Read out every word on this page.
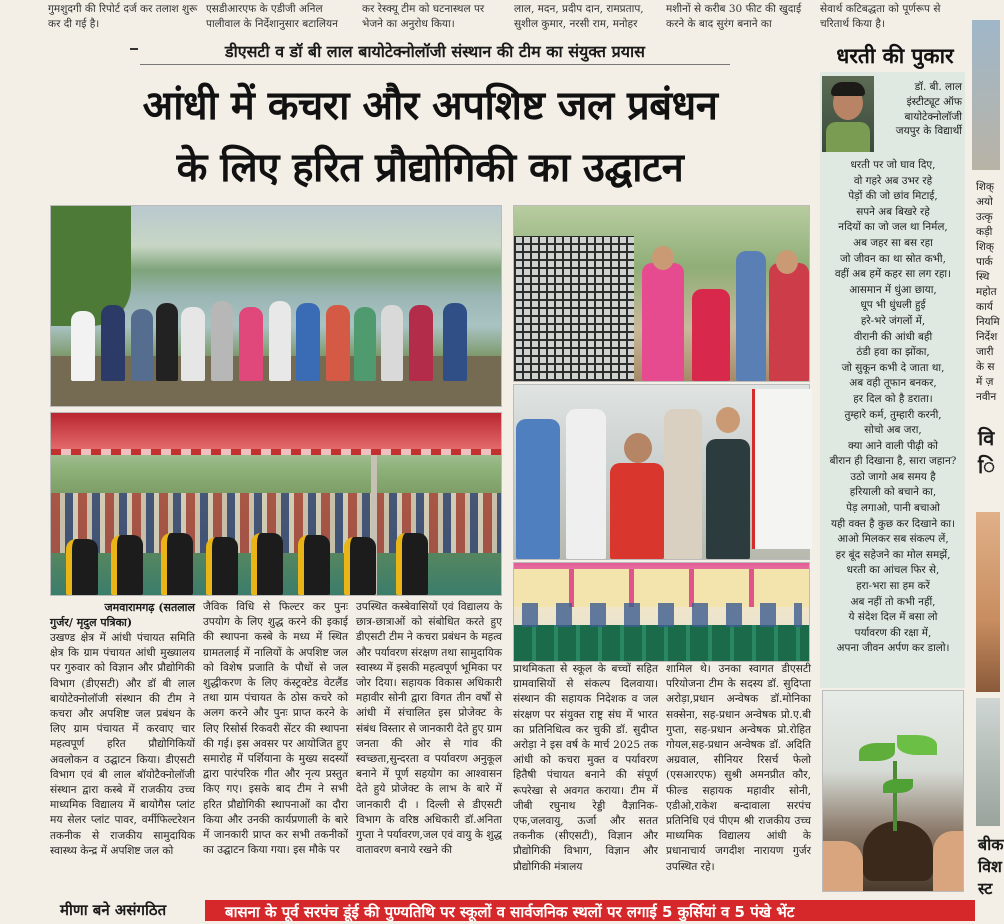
गुमशुदगी की रिपोर्ट दर्ज कर तलाश शुरू कर दी गई है।
एसडीआरएफ के एडीजी अनिल पालीवाल के निर्देशानुसार बटालियन
कर रेस्क्यू टीम को घटनास्थल पर भेजने का अनुरोध किया।
लाल, मदन, प्रदीप दान, रामप्रताप, सुशील कुमार, नरसी राम, मनोहर
मशीनों से करीब 30 फीट की खुदाई करने के बाद सुरंग बनाने का
सेवार्थ कटिबद्धता को पूर्णरूप से चरितार्थ किया है।
डीएसटी व डॉ बी लाल बायोटेक्नोलॉजी संस्थान की टीम का संयुक्त प्रयास
आंधी में कचरा और अपशिष्ट जल प्रबंधन
के लिए हरित प्रौद्योगिकी का उद्घाटन
जमवारामगढ़ (सतलाल
गुर्जर/ मृदुल पत्रिका)
उखण्ड क्षेत्र में आंधी पंचायत समिति क्षेत्र कि ग्राम पंचायत आंधी मुख्यालय पर गुरुवार को विज्ञान और प्रौद्योगिकी विभाग (डीएसटी) और डॉ बी लाल बायोटेक्नोलॉजी संस्थान की टीम ने कचरा और अपशिष्ट जल प्रबंधन के लिए ग्राम पंचायत में करवाए चार महत्वपूर्ण हरित प्रौद्योगिकियों अवलोकन व उद्घाटन किया। डीएसटी विभाग एवं बी लाल बॉयोटैक्नोलॉजी संस्थान द्वारा कस्बे में राजकीय उच्च माध्यमिक विद्यालय में बायोगैस प्लांट मय सेलर प्लांट पावर, वर्मीफिल्टरेशन तकनीक से राजकीय सामुदायिक स्वास्थ्य केन्द्र में अपशिष्ट जल को
जैविक विधि से फिल्टर कर पुनः उपयोग के लिए शुद्ध करने की इकाई की स्थापना कस्बे के मध्य में स्थित ग्रामतलाई में नालियों के अपशिष्ट जल को विशेष प्रजाति के पौधों से जल शुद्धीकरण के लिए कंस्ट्रक्टेड वेटलैंड तथा ग्राम पंचायत के ठोस कचरे को अलग करने और पुनः प्राप्त करने के लिए रिसोर्स रिकवरी सेंटर की स्थापना की गई। इस अवसर पर आयोजित हुए समारोह में पर्शियाना के मुख्य सदस्यों द्वारा पारंपरिक गीत और नृत्य प्रस्तुत किए गए। इसके बाद टीम ने सभी हरित प्रौद्योगिकी स्थापनाओं का दौरा किया और उनकी कार्यप्रणाली के बारे में जानकारी प्राप्त कर सभी तकनीकों का उद्घाटन किया गया। इस मौके पर
उपस्थित कस्बेवासियों एवं विद्यालय के छात्र-छात्राओं को संबोधित करते हुए डीएसटी टीम ने कचरा प्रबंधन के महत्व और पर्यावरण संरक्षण तथा सामुदायिक स्वास्थ्य में इसकी महत्वपूर्ण भूमिका पर जोर दिया। सहायक विकास अधिकारी महावीर सोनी द्वारा विगत तीन वर्षों से आंधी में संचालित इस प्रोजेक्ट के संबंध विस्तार से जानकारी देते हुए ग्राम जनता की ओर से गांव की स्वच्छता,सुन्दरता व पर्यावरण अनुकूल बनाने में पूर्ण सहयोग का आश्वासन देते हुये प्रोजेक्ट के लाभ के बारे में जानकारी दी । दिल्ली से डीएसटी विभाग के वरिष्ठ अधिकारी डॉ.अनिता गुप्ता ने पर्यावरण,जल एवं वायु के शुद्ध वातावरण बनाये रखने की
प्राथमिकता से स्कूल के बच्चों सहित ग्रामवासियों से संकल्प दिलवाया। संस्थान की सहायक निदेशक व जल संरक्षण पर संयुक्त राष्ट्र संघ में भारत का प्रतिनिधित्व कर चुकी डॉ. सुदीप्त अरोड़ा ने इस वर्ष के मार्च 2025 तक आंधी को कचरा मुक्त व पर्यावरण हितैषी पंचायत बनाने की संपूर्ण रूपरेखा से अवगत कराया। टीम में जीबी रघुनाथ रेड्डी वैज्ञानिक-एफ,जलवायु, ऊर्जा और सतत तकनीक (सीएसटी), विज्ञान और प्रौद्योगिकी विभाग, विज्ञान और प्रौद्योगिकी मंत्रालय
शामिल थे। उनका स्वागत डीएसटी परियोजना टीम के सदस्य डॉ. सुदिप्ता अरोड़ा,प्रधान अन्वेषक डॉ.मोनिका सक्सेना, सह-प्रधान अन्वेषक प्रो.ए.बी गुप्ता, सह-प्रधान अन्वेषक प्रो.रोहित गोयल,सह-प्रधान अन्वेषक डॉ. अदिति अग्रवाल, सीनियर रिसर्च फेलो (एसआरएफ) सुश्री अमनप्रीत कौर, फील्ड सहायक महावीर सोनी, एडीओ,राकेश बन्दावाला सरपंच प्रतिनिधि एवं पीएम श्री राजकीय उच्च माध्यमिक विद्यालय आंधी के प्रधानाचार्य जगदीश नारायण गुर्जर उपस्थित रहे।
धरती की पुकार
डॉ. बी. लाल
इंस्टीट्यूट ऑफ बायोटेक्नोलॉजी जयपुर के विद्यार्थी
धरती पर जो घाव दिए,
वो गहरे अब उभर रहे
पेड़ों की जो छांव मिटाई,
सपने अब बिखरे रहे
नदियों का जो जल था निर्मल,
अब जहर सा बस रहा
जो जीवन का था स्रोत कभी,
वहीं अब हमें कहर सा लग रहा।
आसमान में धुंआ छाया,
धूप भी धुंधली हुई
हरे-भरे जंगलों में,
वीरानी की आंधी बही
ठंडी हवा का झोंका,
जो सुकून कभी दे जाता था,
अब वही तूफान बनकर,
हर दिल को है डराता।
तुम्हारे कर्म, तुम्हारी करनी,
सोचो अब जरा,
क्या आने वाली पीढ़ी को
बीरान ही दिखाना है, सारा जहान?
उठो जागो अब समय है
हरियाली को बचाने का,
पेड़ लगाओ, पानी बचाओ
यही वक्त है कुछ कर दिखाने का।
आओ मिलकर सब संकल्प लें,
हर बूंद सहेजने का मोल समझें,
धरती का आंचल फिर से,
हरा-भरा सा हम करें
अब नहीं तो कभी नहीं,
ये संदेश दिल में बसा लो
पर्यावरण की रक्षा में,
अपना जीवन अर्पण कर डालो।
शिक्
अयो
उत्कृ
कड़ी
शिक्
पार्क
स्थि
महोत
कार्य
नियमि
निर्देश
जारी
के स
में ज़
नवीन
वि
ि
बीक
विश
स्ट
मीणा बने असंगठित	बासना के पूर्व सरपंच डूंई की पुण्यतिथि पर स्कूलों व सार्वजनिक स्थलों पर लगाई 5 कुर्सियां व 5 पंखे भेंट
